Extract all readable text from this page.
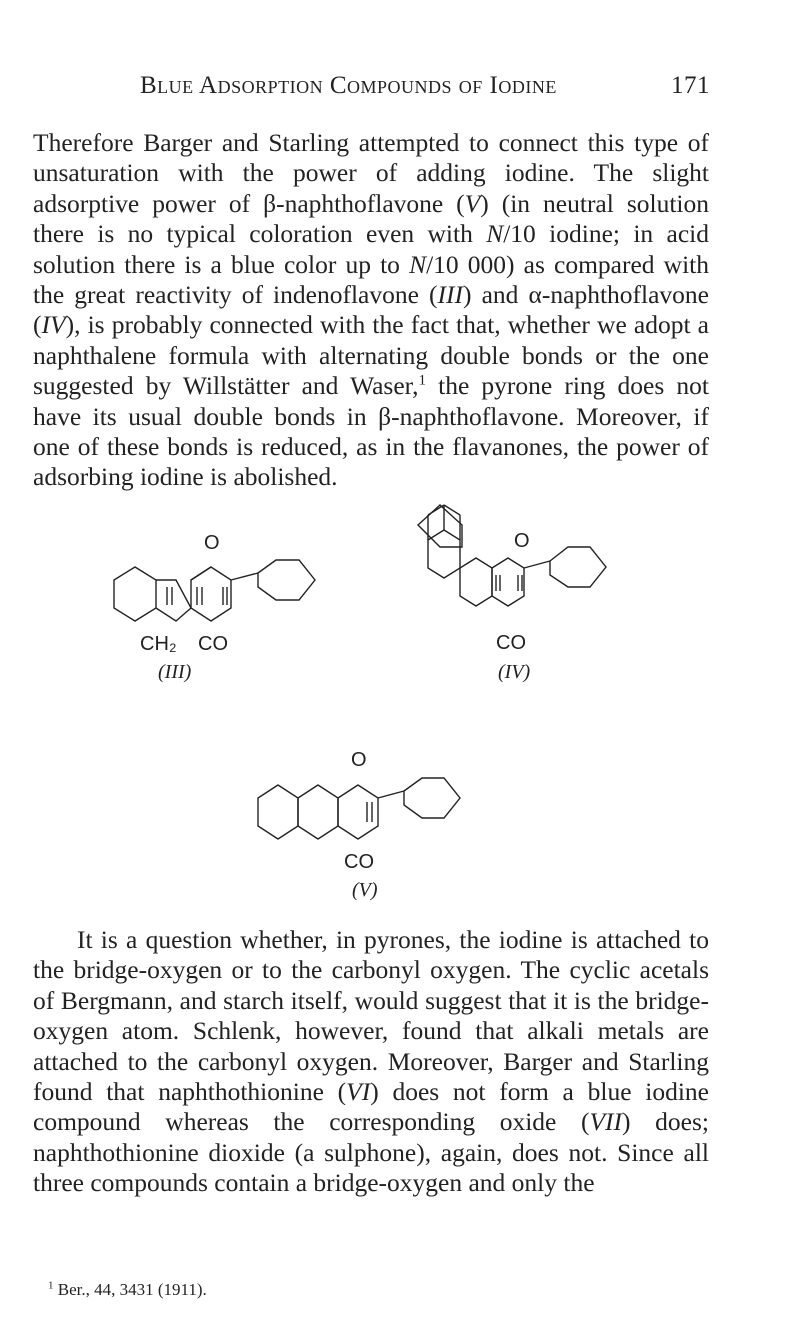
Blue Adsorption Compounds of Iodine	171

Therefore Barger and Starling attempted to connect this type of unsaturation with the power of adding iodine. The slight adsorptive power of β-naphthoflavone (V) (in neutral solution there is no typical coloration even with N/10 iodine; in acid solution there is a blue color up to N/10 000) as compared with the great reactivity of indenoflavone (III) and α-naphthoflavone (IV), is probably connected with the fact that, whether we adopt a naphthalene formula with alternating double bonds or the one suggested by Willstätter and Waser,$^1$ the pyrone ring does not have its usual double bonds in β-naphthoflavone. Moreover, if one of these bonds is reduced, as in the flavanones, the power of adsorbing iodine is abolished.

O
CH₂ CO
(III)
O
CO
(IV)
O
CO
(V)

It is a question whether, in pyrones, the iodine is attached to the bridge-oxygen or to the carbonyl oxygen. The cyclic acetals of Bergmann, and starch itself, would suggest that it is the bridge-oxygen atom. Schlenk, however, found that alkali metals are attached to the carbonyl oxygen. Moreover, Barger and Starling found that naphthothionine (VI) does not form a blue iodine compound whereas the corresponding oxide (VII) does; naphthothionine dioxide (a sulphone), again, does not. Since all three compounds contain a bridge-oxygen and only the

$^1$ Ber., 44, 3431 (1911).
